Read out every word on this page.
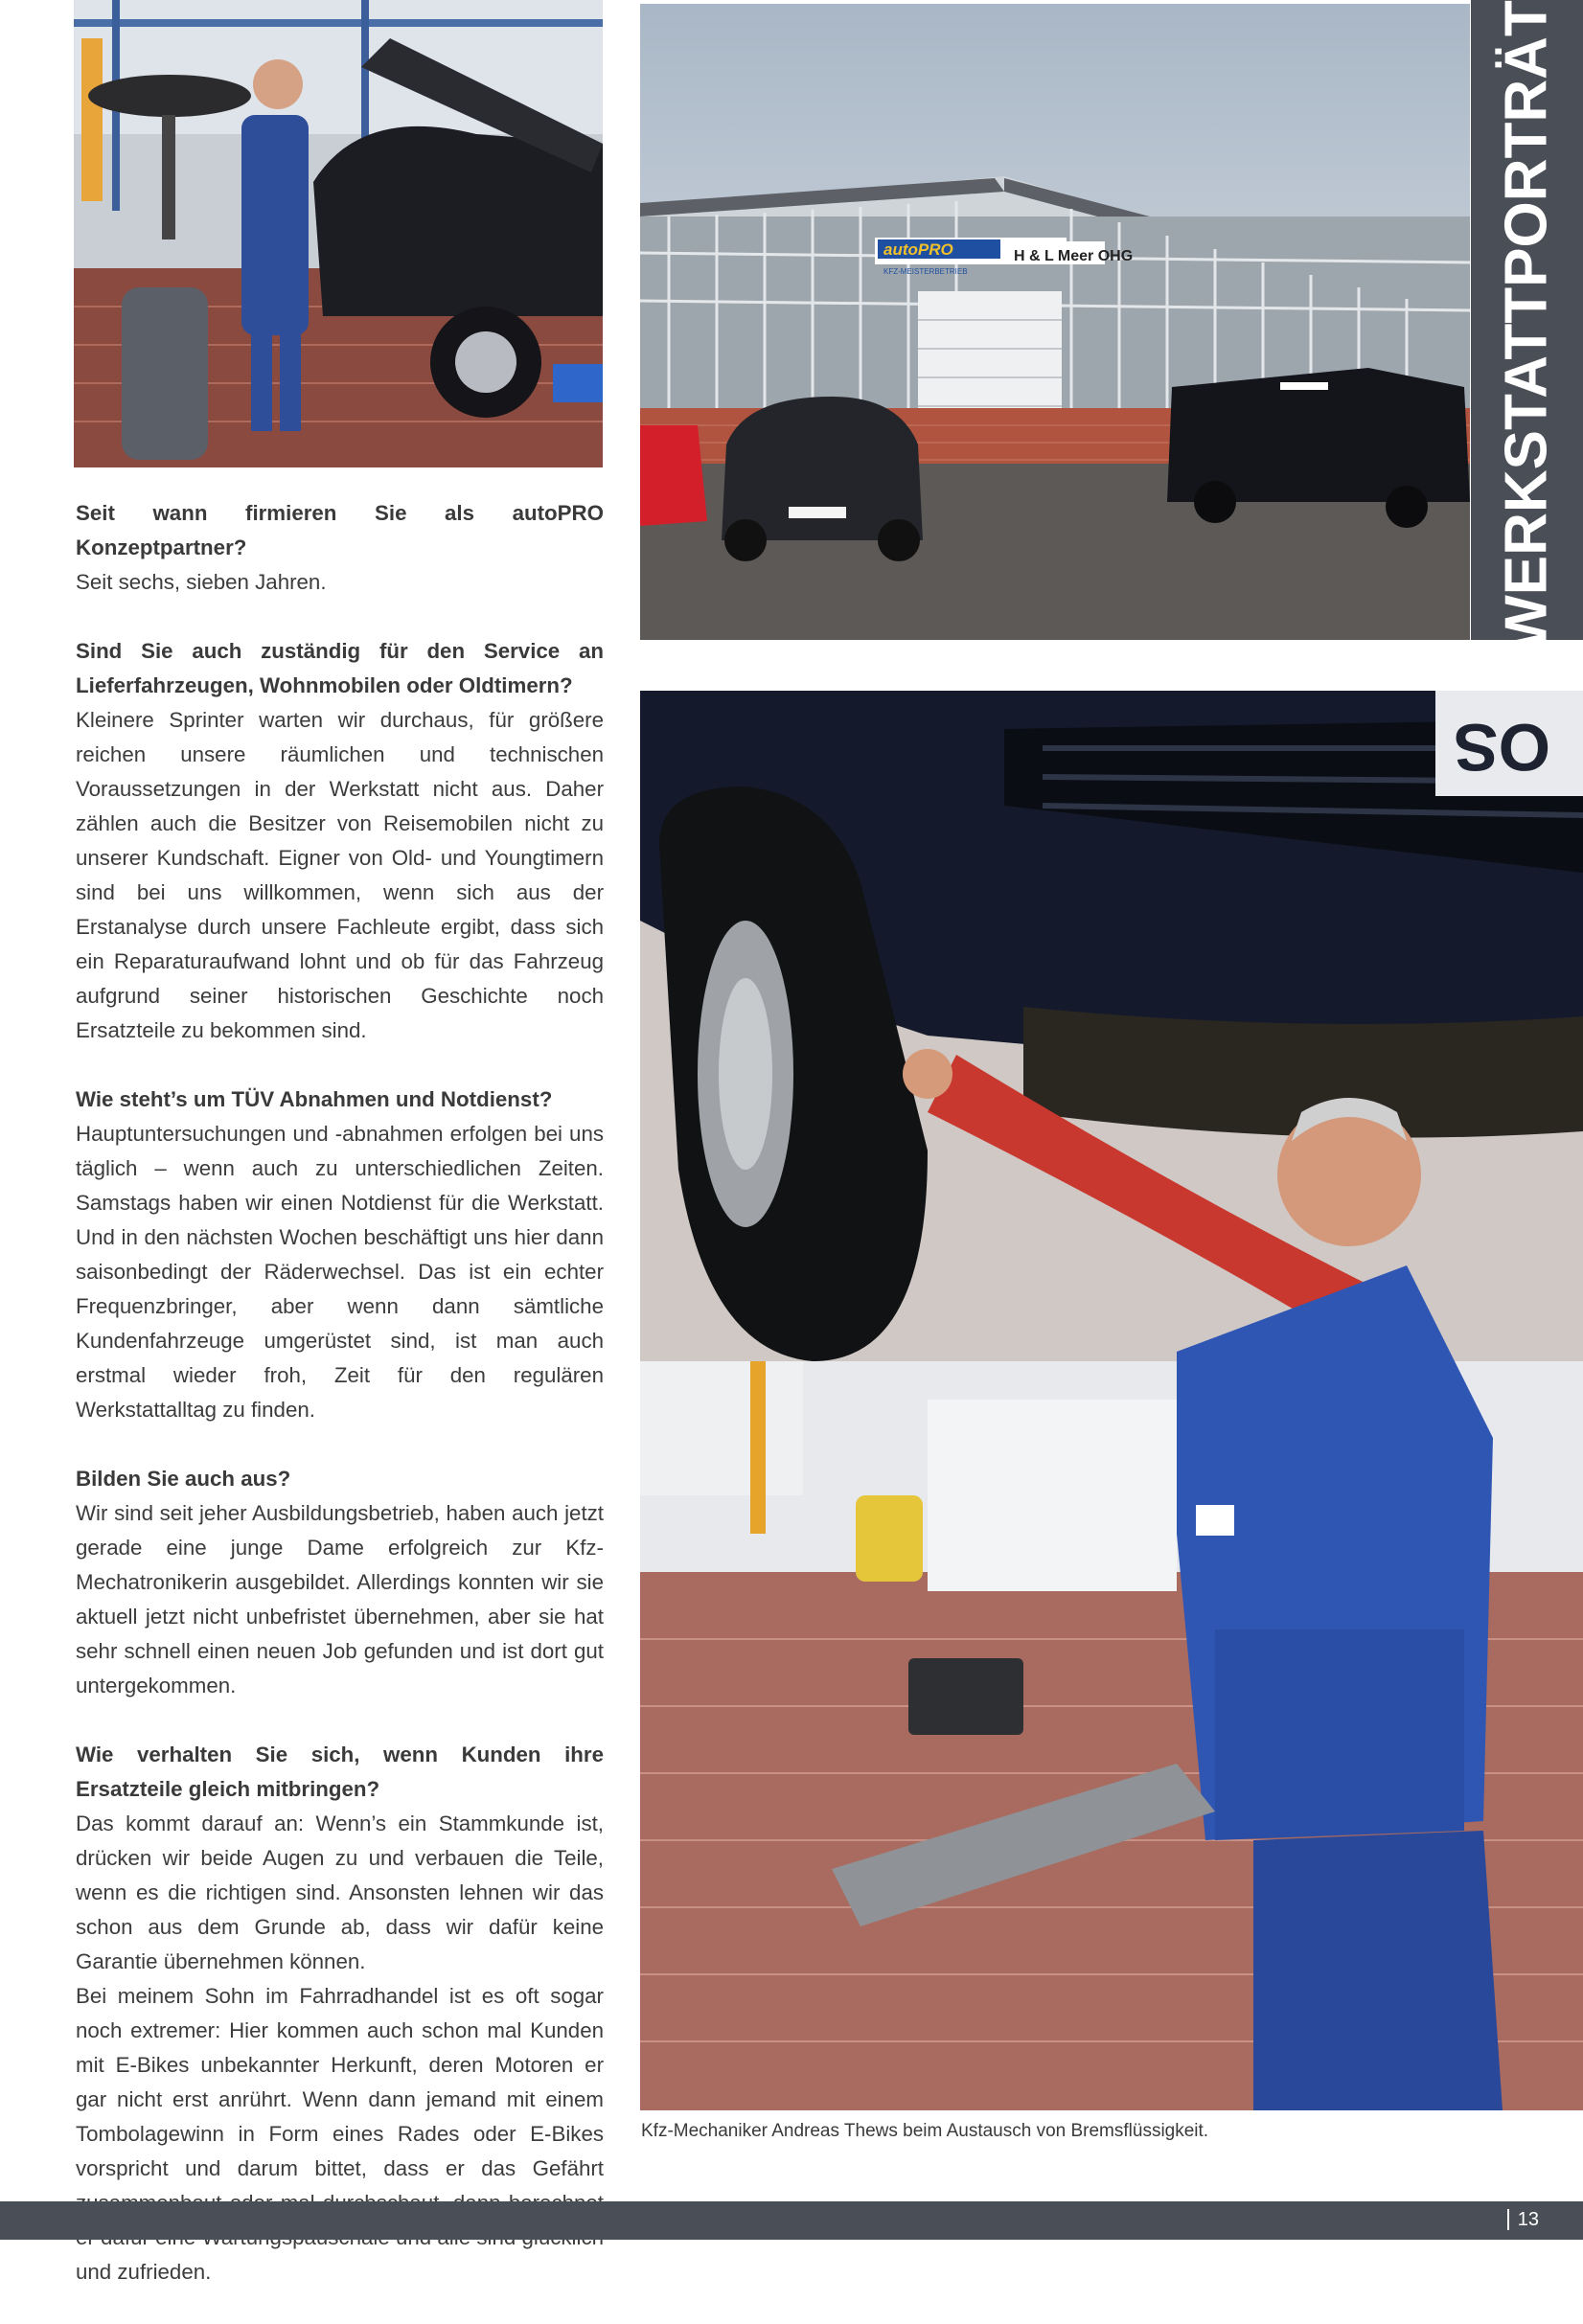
autoPRO
KFZ-MEISTERBETRIEB
H & L Meer OHG	WERKSTATTPORTRÄT
OS

Seit wann firmieren Sie als autoPRO Konzeptpartner?
Seit sechs, sieben Jahren.

Sind Sie auch zuständig für den Service an Lieferfahrzeugen, Wohnmobilen oder Oldtimern?
Kleinere Sprinter warten wir durchaus, für größere reichen unsere räumlichen und technischen Voraussetzungen in der Werkstatt nicht aus. Daher zählen auch die Besitzer von Reisemobilen nicht zu unserer Kundschaft. Eigner von Old- und Youngtimern sind bei uns willkommen, wenn sich aus der Erstanalyse durch unsere Fachleute ergibt, dass sich ein Reparaturaufwand lohnt und ob für das Fahrzeug aufgrund seiner historischen Geschichte noch Ersatzteile zu bekommen sind.

Wie steht’s um TÜV Abnahmen und Notdienst?
Hauptuntersuchungen und -abnahmen erfolgen bei uns täglich – wenn auch zu unterschiedlichen Zeiten. Samstags haben wir einen Notdienst für die Werkstatt. Und in den nächsten Wochen beschäftigt uns hier dann saisonbedingt der Räderwechsel. Das ist ein echter Frequenzbringer, aber wenn dann sämtliche Kundenfahrzeuge umgerüstet sind, ist man auch erstmal wieder froh, Zeit für den regulären Werkstattalltag zu finden.

Bilden Sie auch aus?
Wir sind seit jeher Ausbildungsbetrieb, haben auch jetzt gerade eine junge Dame erfolgreich zur Kfz-Mechatronikerin ausgebildet. Allerdings konnten wir sie aktuell jetzt nicht unbefristet übernehmen, aber sie hat sehr schnell einen neuen Job gefunden und ist dort gut untergekommen.

Wie verhalten Sie sich, wenn Kunden ihre Ersatzteile gleich mitbringen?
Das kommt darauf an: Wenn’s ein Stammkunde ist, drücken wir beide Augen zu und verbauen die Teile, wenn es die richtigen sind. Ansonsten lehnen wir das schon aus dem Grunde ab, dass wir dafür keine Garantie übernehmen können.

Bei meinem Sohn im Fahrradhandel ist es oft sogar noch extremer: Hier kommen auch schon mal Kunden mit E-Bikes unbekannter Herkunft, deren Motoren er gar nicht erst anrührt. Wenn dann jemand mit einem Tombolagewinn in Form eines Rades oder E-Bikes vorspricht und darum bittet, dass er das Gefährt und zufrieden.

Kfz-Mechaniker Andreas Thews beim Austausch von Bremsflüssigkeit.
13
